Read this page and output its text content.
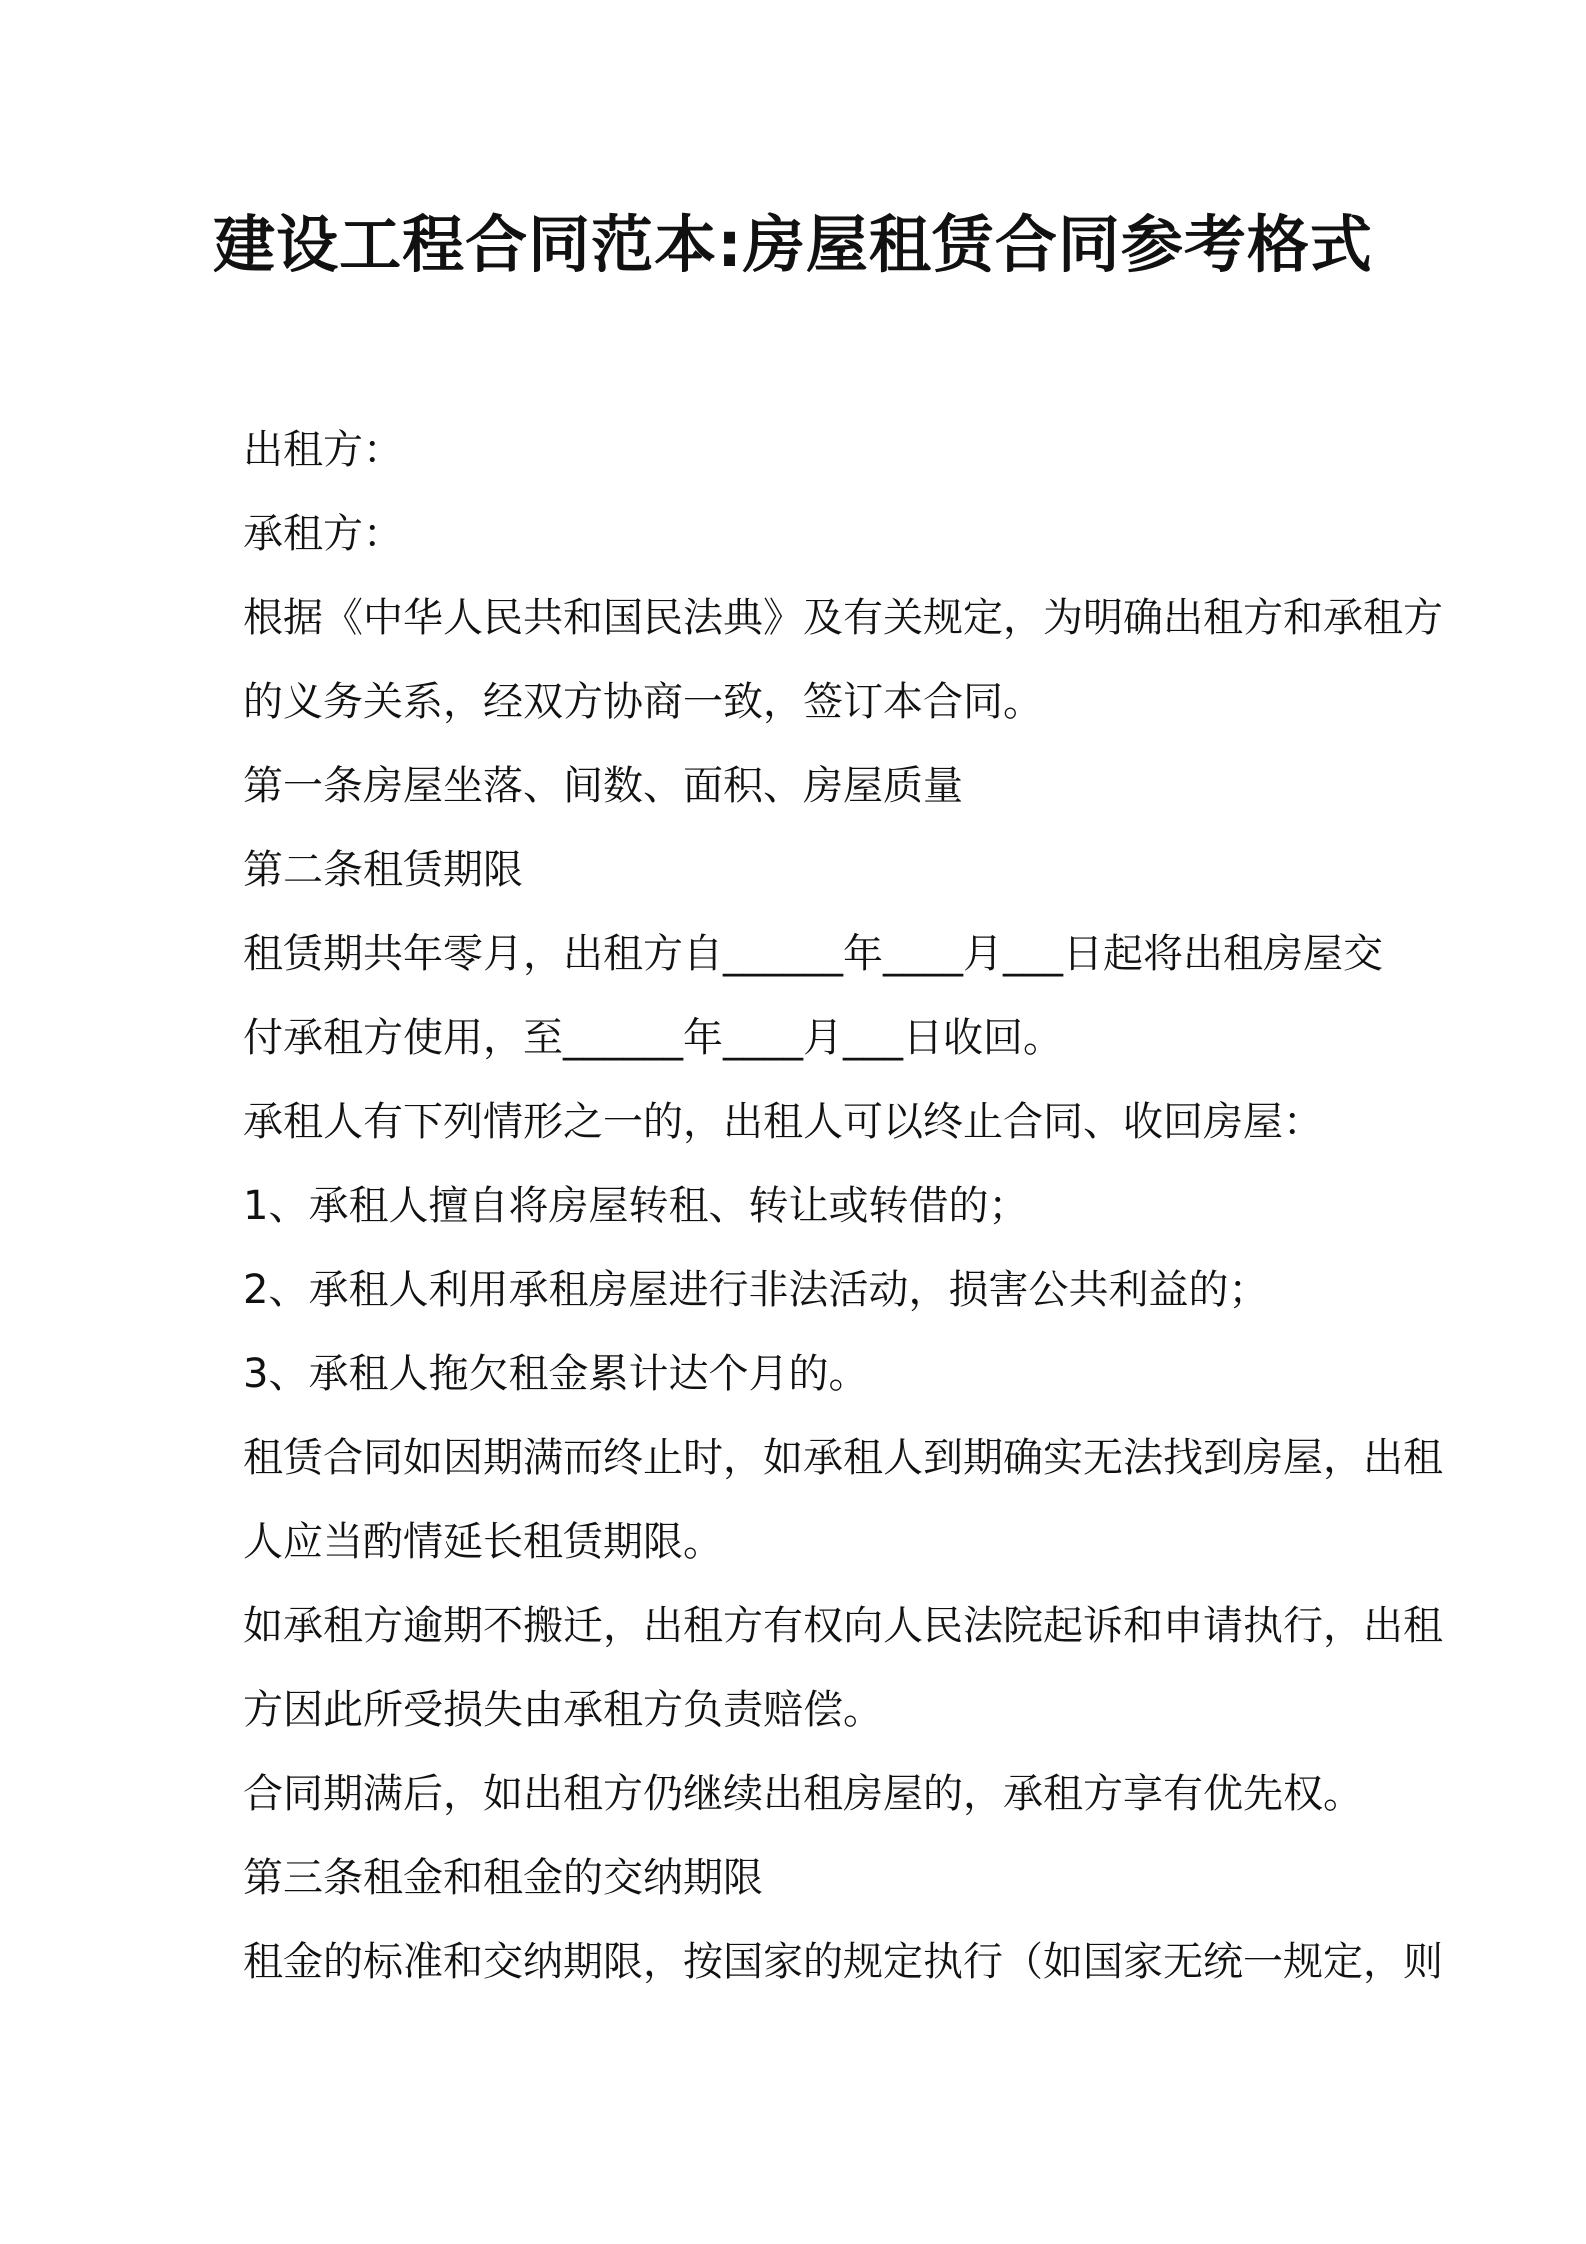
建设工程合同范本:房屋租赁合同参考格式

出租方：

承租方：

根据《中华人民共和国民法典》及有关规定，为明确出租方和承租方

的义务关系，经双方协商一致，签订本合同。

第一条房屋坐落、间数、面积、房屋质量

第二条租赁期限

租赁期共年零月，出租方自______年____月___日起将出租房屋交

付承租方使用，至______年____月___日收回。

承租人有下列情形之一的，出租人可以终止合同、收回房屋：

1、承租人擅自将房屋转租、转让或转借的；

2、承租人利用承租房屋进行非法活动，损害公共利益的；

3、承租人拖欠租金累计达个月的。

租赁合同如因期满而终止时，如承租人到期确实无法找到房屋，出租

人应当酌情延长租赁期限。

如承租方逾期不搬迁，出租方有权向人民法院起诉和申请执行，出租

方因此所受损失由承租方负责赔偿。

合同期满后，如出租方仍继续出租房屋的，承租方享有优先权。

第三条租金和租金的交纳期限

租金的标准和交纳期限，按国家的规定执行（如国家无统一规定，则
